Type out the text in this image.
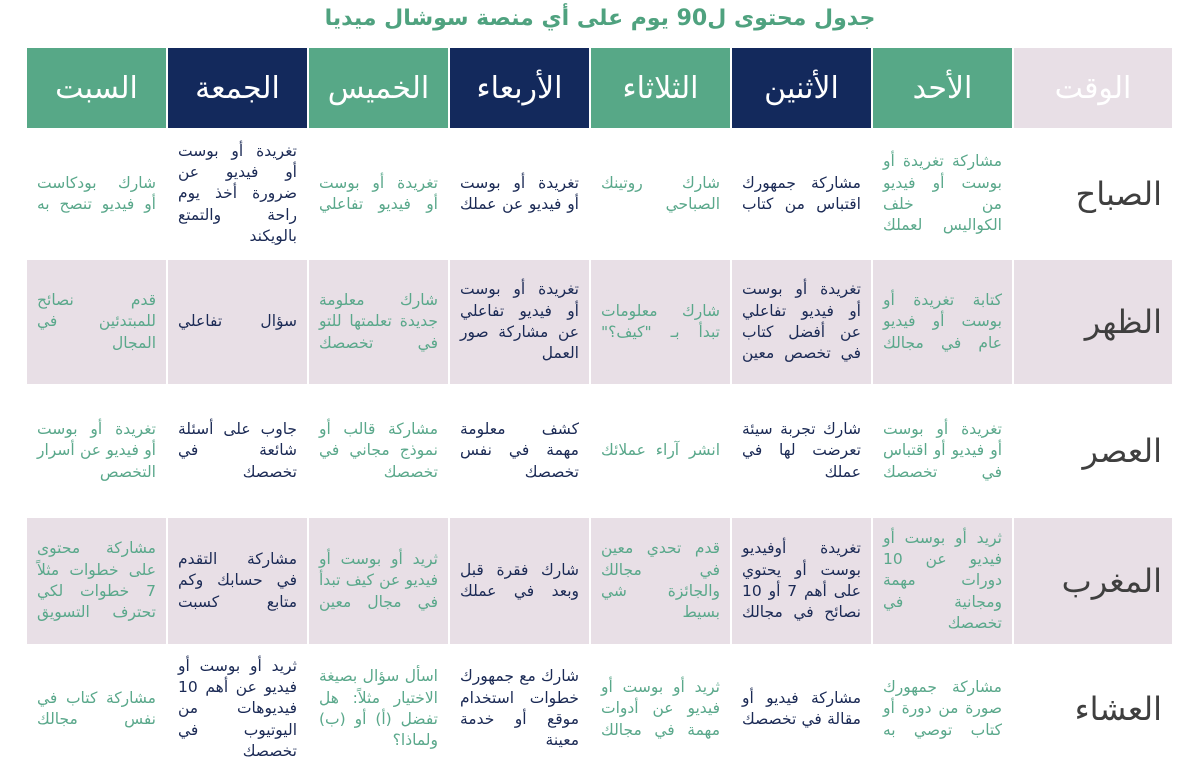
جدول محتوى ل90 يوم على أي منصة سوشال ميديا
الوقت	الأحد	الأثنين	الثلاثاء	الأربعاء	الخميس	الجمعة	السبت
الصباح	مشاركة تغريدة أو بوست أو فيديو من خلف الكواليس لعملك	مشاركة جمهورك اقتباس من كتاب	شارك روتينك الصباحي	تغريدة أو بوست أو فيديو عن عملك	تغريدة أو بوست أو فيديو تفاعلي	تغريدة أو بوست أو فيديو عن ضرورة أخذ يوم راحة والتمتع بالويكند	شارك بودكاست أو فيديو تنصح به
الظهر	كتابة تغريدة أو بوست أو فيديو عام في مجالك	تغريدة أو بوست أو فيديو تفاعلي عن أفضل كتاب في تخصص معين	شارك معلومات تبدأ بـ "كيف؟"	تغريدة أو بوست أو فيديو تفاعلي عن مشاركة صور العمل	شارك معلومة جديدة تعلمتها للتو في تخصصك	سؤال تفاعلي	قدم نصائح للمبتدئين في المجال
العصر	تغريدة أو بوست أو فيديو أو اقتباس في تخصصك	شارك تجربة سيئة تعرضت لها في عملك	انشر آراء عملائك	كشف معلومة مهمة في نفس تخصصك	مشاركة قالب أو نموذج مجاني في تخصصك	جاوب على أسئلة شائعة في تخصصك	تغريدة أو بوست أو فيديو عن أسرار التخصص
المغرب	ثريد أو بوست أو فيديو عن 10 دورات مهمة ومجانية في تخصصك	تغريدة أوفيديو بوست أو يحتوي على أهم 7 أو 10 نصائح في مجالك	قدم تحدي معين في مجالك والجائزة شي بسيط	شارك فقرة قبل وبعد في عملك	ثريد أو بوست أو فيديو عن كيف تبدأ في مجال معين	مشاركة التقدم في حسابك وكم متابع كسبت	مشاركة محتوى على خطوات مثلاً 7 خطوات لكي تحترف التسويق
العشاء	مشاركة جمهورك صورة من دورة أو كتاب توصي به	مشاركة فيديو أو مقالة في تخصصك	ثريد أو بوست أو فيديو عن أدوات مهمة في مجالك	شارك مع جمهورك خطوات استخدام موقع أو خدمة معينة	اسأل سؤال بصيغة الاختيار مثلاً: هل تفضل (أ) أو (ب) ولماذا؟	ثريد أو بوست أو فيديو عن أهم 10 فيديوهات من اليوتيوب في تخصصك	مشاركة كتاب في نفس مجالك
